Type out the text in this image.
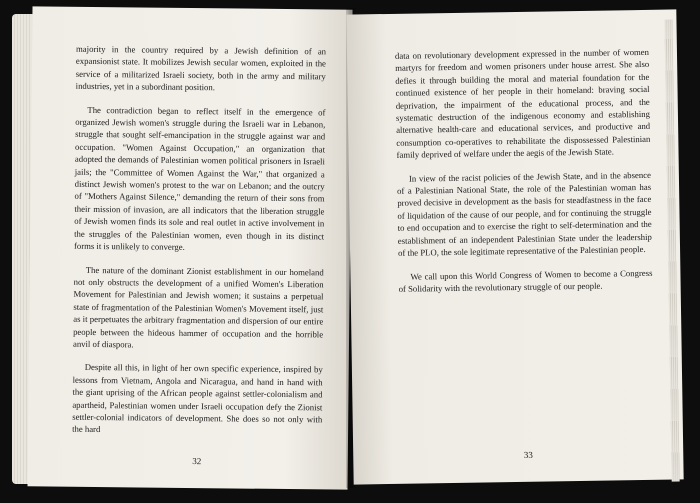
majority in the country required by a Jewish definition of an expansionist state. It mobilizes Jewish secular women, exploited in the service of a militarized Israeli society, both in the army and military industries, yet in a subordinant position.

The contradiction began to reflect itself in the emergence of organized Jewish women's struggle during the Israeli war in Lebanon, struggle that sought self-emancipation in the struggle against war and occupation. "Women Against Occupation," an organization that adopted the demands of Palestinian women political prisoners in Israeli jails; the "Committee of Women Against the War," that organized a distinct Jewish women's protest to the war on Lebanon; and the outcry of "Mothers Against Silence," demanding the return of their sons from their mission of invasion, are all indicators that the liberation struggle of Jewish women finds its sole and real outlet in active involvement in the struggles of the Palestinian women, even though in its distinct forms it is unlikely to converge.

The nature of the dominant Zionist establishment in our homeland not only obstructs the development of a unified Women's Liberation Movement for Palestinian and Jewish women; it sustains a perpetual state of fragmentation of the Palestinian Women's Movement itself, just as it perpetuates the arbitrary fragmentation and dispersion of our entire people between the hideous hammer of occupation and the horrible anvil of diaspora.

Despite all this, in light of her own specific experience, inspired by lessons from Vietnam, Angola and Nicaragua, and hand in hand with the giant uprising of the African people against settler-colonialism and apartheid, Palestinian women under Israeli occupation defy the Zionist settler-colonial indicators of development. She does so not only with the hard

32

data on revolutionary development expressed in the number of women martyrs for freedom and women prisoners under house arrest. She also defies it through building the moral and material foundation for the continued existence of her people in their homeland: braving social deprivation, the impairment of the educational process, and the systematic destruction of the indigenous economy and establishing alternative health-care and educational services, and productive and consumption co-operatives to rehabilitate the dispossessed Palestinian family deprived of welfare under the aegis of the Jewish State.

In view of the racist policies of the Jewish State, and in the absence of a Palestinian National State, the role of the Palestinian woman has proved decisive in development as the basis for steadfastness in the face of liquidation of the cause of our people, and for continuing the struggle to end occupation and to exercise the right to self-determination and the establishment of an independent Palestinian State under the leadership of the PLO, the sole legitimate representative of the Palestinian people.

We call upon this World Congress of Women to become a Congress of Solidarity with the revolutionary struggle of our people.

33
